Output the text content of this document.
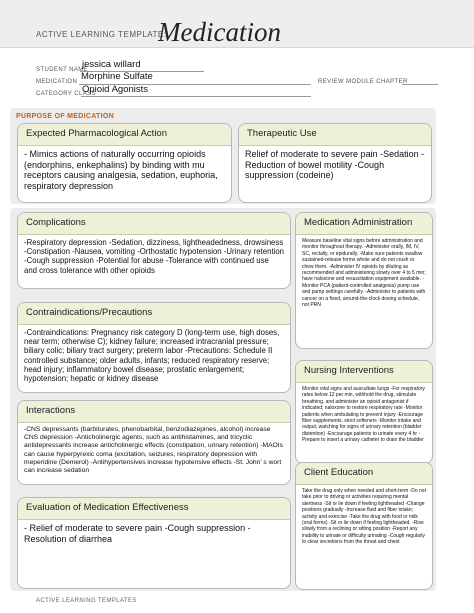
ACTIVE LEARNING TEMPLATE:
Medication
STUDENT NAME
jessica willard
MEDICATION Morphine Sulfate
CATEGORY CLASS
Opioid Agonists
REVIEW MODULE CHAPTER
PURPOSE OF MEDICATION
Expected Pharmacological Action
- Mimics actions of naturally occurring opioids (endorphins, enkephalins) by binding with mu receptors causing analgesia, sedation, euphoria, respiratory depression
Therapeutic Use
Relief of moderate to severe pain -Sedation -Reduction of bowel motility -Cough suppression (codeine)
Complications
-Respiratory depression -Sedation, dizziness, lightheadedness, drowsiness -Constipation -Nausea, vomiting -Orthostatic hypotension -Urinary retention -Cough suppression -Potential for abuse -Tolerance with continued use and cross tolerance with other opioids
Medication Administration
Measure baseline vital signs before administration and monitor throughout therapy. -Administer orally, IM, IV, SC, rectally, or epidurally. -Make sure patients swallow sustained-release forms whole and do not crush or chew them. -Administer IV opioids by diluting as recommended and administering slowly over 4 to 5 min; have naloxone and resuscitation equipment available. -Monitor PCA (patient-controlled analgesia) pump use and pump settings carefully. -Administer to patients with cancer on a fixed, around-the-clock dosing schedule, not PRN
Contraindications/Precautions
-Contraindications: Pregnancy risk category D (long-term use, high doses, near term; otherwise C); kidney failure; increased intracranial pressure; biliary colic; biliary tract surgery; preterm labor -Precautions: Schedule II controlled substance; older adults, infants; reduced respiratory reserve; head injury; inflammatory bowel disease; prostatic enlargement; hypotension; hepatic or kidney disease
Nursing Interventions
Monitor vital signs and auscultate lungs -For respiratory rates below 12 per min, withhold the drug, stimulate breathing, and administer an opioid antagonist if indicated; naloxone to restore respiratory rate -Monitor patients when ambulating to prevent injury -Encourage fiber supplements, stool softeners -Monitor intake and output, watching for signs of urinary retention (bladder distention) -Encourage patients to urinate every 4 hr -Prepare to insert a urinary catheter to drain the bladder
Interactions
-CNS depressants (barbiturates, phenobarbital, benzodiazepines, alcohol) increase CNS depression -Anticholinergic agents, such as antihistamines, and tricyclic antidepressants increase anticholinergic effects (constipation, urinary retention) -MAOIs can cause hyperpyrexic coma (excitation, seizures, respiratory depression with meperidine (Demerol) -Antihypertensives increase hypotensive effects -St. John’ s wort can increase sedation	Client Education
Take the drug only when needed and short-term -Do not take prior to driving or activities requiring mental alertness -Sit or lie down if feeling lightheaded -Change positions gradually -Increase fluid and fiber intake; activity and exercise -Take the drug with food or milk (oral forms) -Sit or lie down if feeling lightheaded. -Rise slowly from a reclining or sitting position -Report any inability to urinate or difficulty urinating -Cough regularly to clear secretions from the throat and chest
Evaluation of Medication Effectiveness
- Relief of moderate to severe pain -Cough suppression -Resolution of diarrhea
ACTIVE LEARNING TEMPLATES
